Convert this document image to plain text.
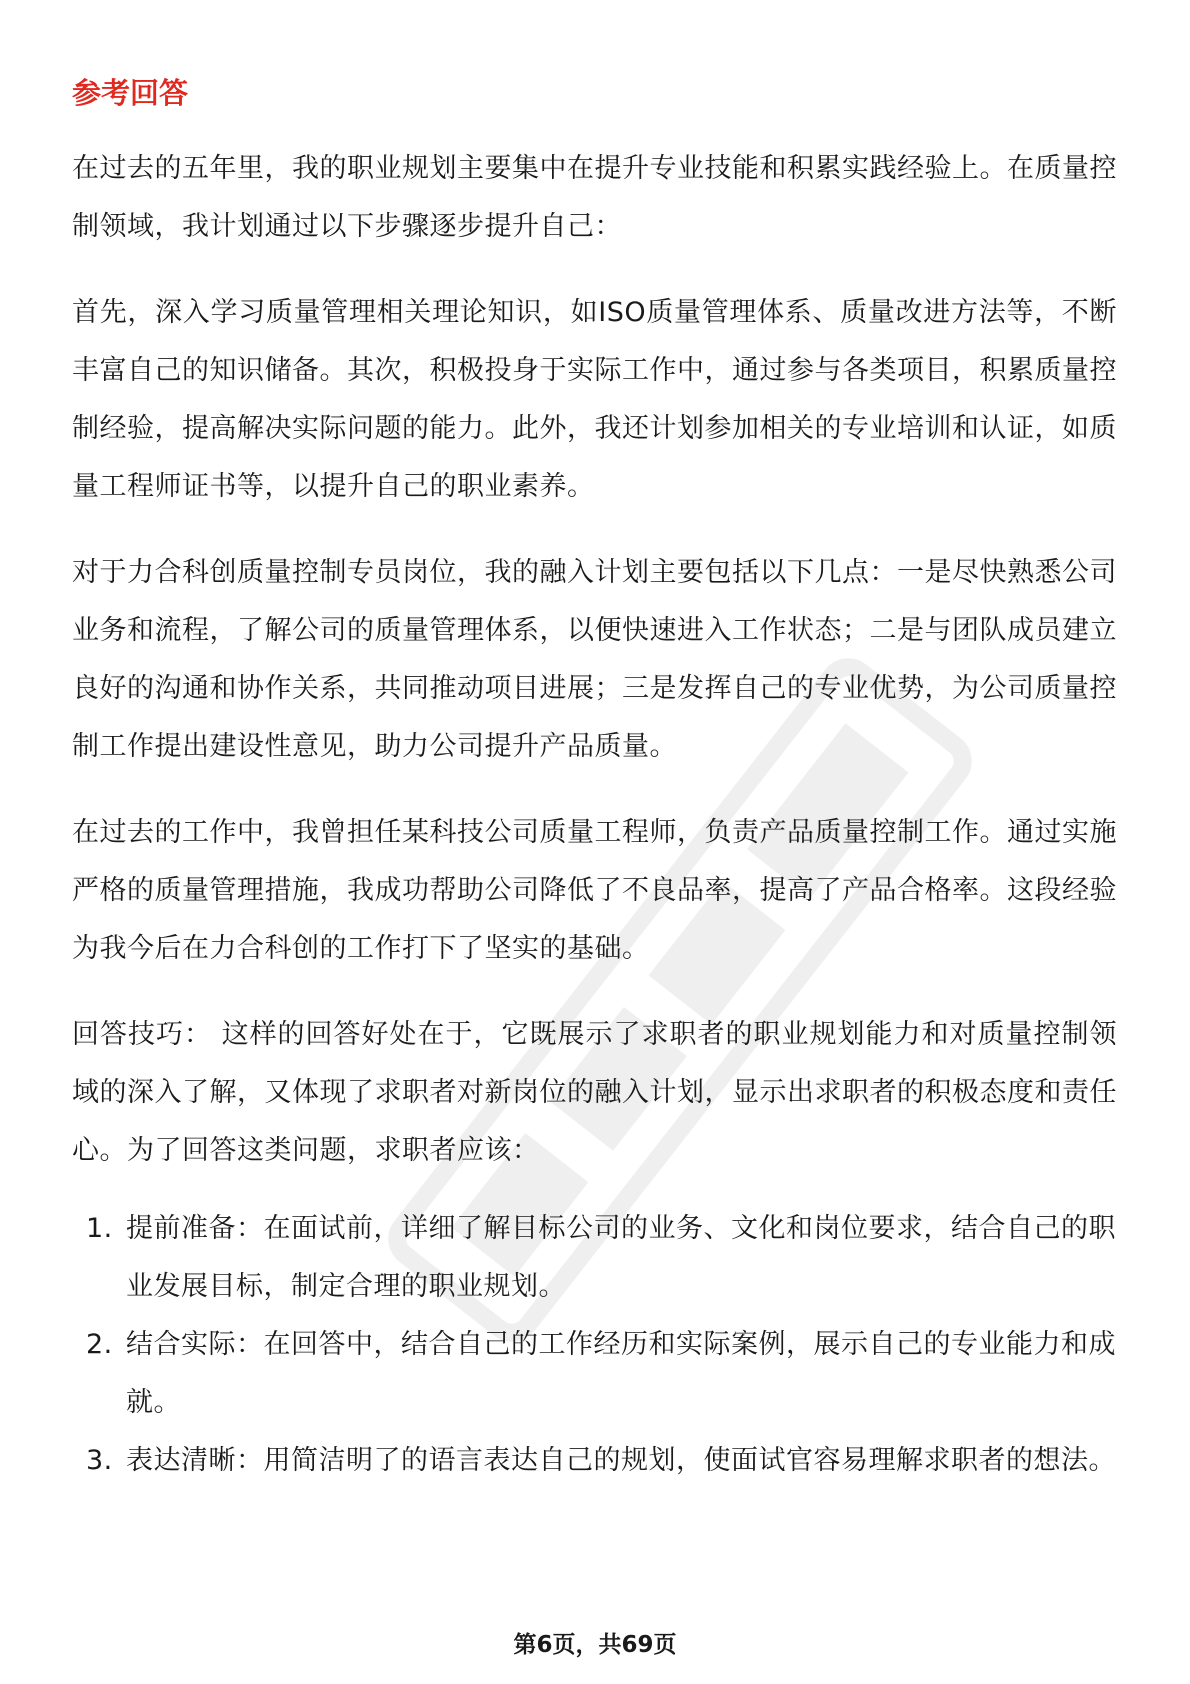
参考回答

在过去的五年里，我的职业规划主要集中在提升专业技能和积累实践经验上。在质量控制领域，我计划通过以下步骤逐步提升自己：

首先，深入学习质量管理相关理论知识，如ISO质量管理体系、质量改进方法等，不断丰富自己的知识储备。其次，积极投身于实际工作中，通过参与各类项目，积累质量控制经验，提高解决实际问题的能力。此外，我还计划参加相关的专业培训和认证，如质量工程师证书等，以提升自己的职业素养。

对于力合科创质量控制专员岗位，我的融入计划主要包括以下几点：一是尽快熟悉公司业务和流程，了解公司的质量管理体系，以便快速进入工作状态；二是与团队成员建立良好的沟通和协作关系，共同推动项目进展；三是发挥自己的专业优势，为公司质量控制工作提出建设性意见，助力公司提升产品质量。

在过去的工作中，我曾担任某科技公司质量工程师，负责产品质量控制工作。通过实施严格的质量管理措施，我成功帮助公司降低了不良品率，提高了产品合格率。这段经验为我今后在力合科创的工作打下了坚实的基础。

回答技巧： 这样的回答好处在于，它既展示了求职者的职业规划能力和对质量控制领域的深入了解，又体现了求职者对新岗位的融入计划，显示出求职者的积极态度和责任心。为了回答这类问题，求职者应该：

1. 提前准备：在面试前，详细了解目标公司的业务、文化和岗位要求，结合自己的职业发展目标，制定合理的职业规划。
2. 结合实际：在回答中，结合自己的工作经历和实际案例，展示自己的专业能力和成就。
3. 表达清晰：用简洁明了的语言表达自己的规划，使面试官容易理解求职者的想法。
第6页，共69页
